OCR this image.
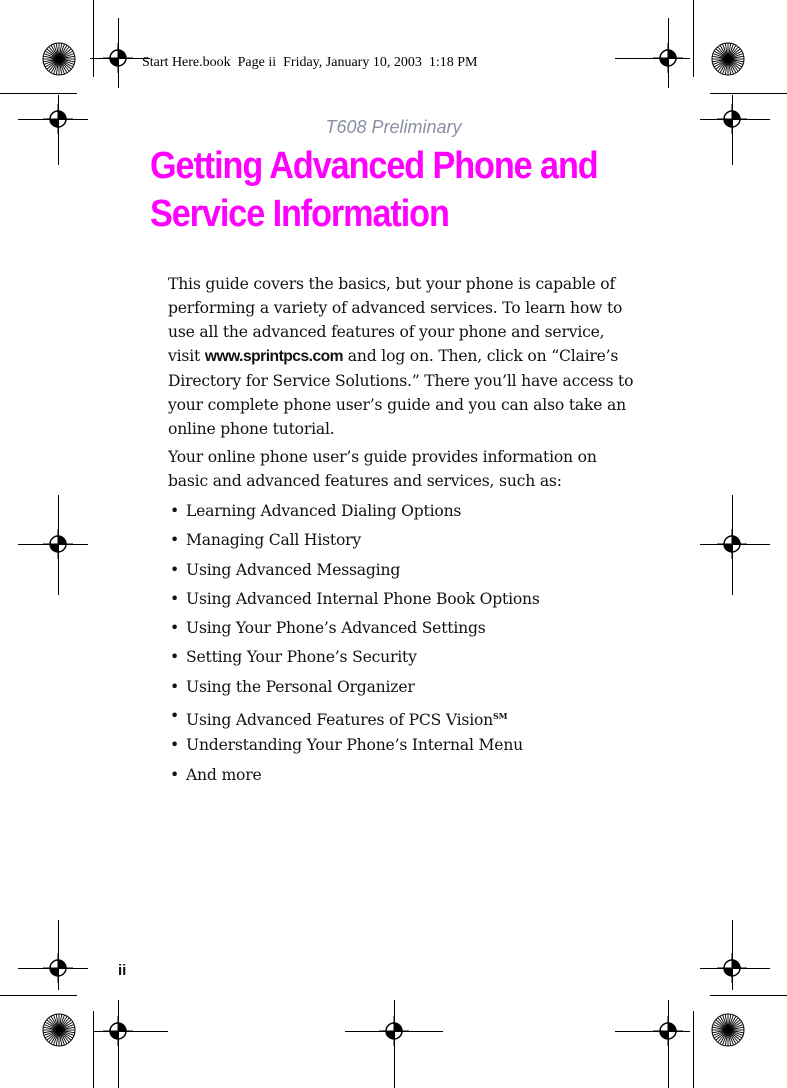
Start Here.book  Page ii  Friday, January 10, 2003  1:18 PM
T608 Preliminary
Getting Advanced Phone and
Service Information

This guide covers the basics, but your phone is capable of performing a variety of advanced services. To learn how to use all the advanced features of your phone and service, visit www.sprintpcs.com and log on. Then, click on “Claire’s Directory for Service Solutions.” There you’ll have access to your complete phone user’s guide and you can also take an online phone tutorial.

Your online phone user’s guide provides information on basic and advanced features and services, such as:

• Learning Advanced Dialing Options
• Managing Call History
• Using Advanced Messaging
• Using Advanced Internal Phone Book Options
• Using Your Phone’s Advanced Settings
• Setting Your Phone’s Security
• Using the Personal Organizer
• Using Advanced Features of PCS Vision℠
• Understanding Your Phone’s Internal Menu
• And more
ii
